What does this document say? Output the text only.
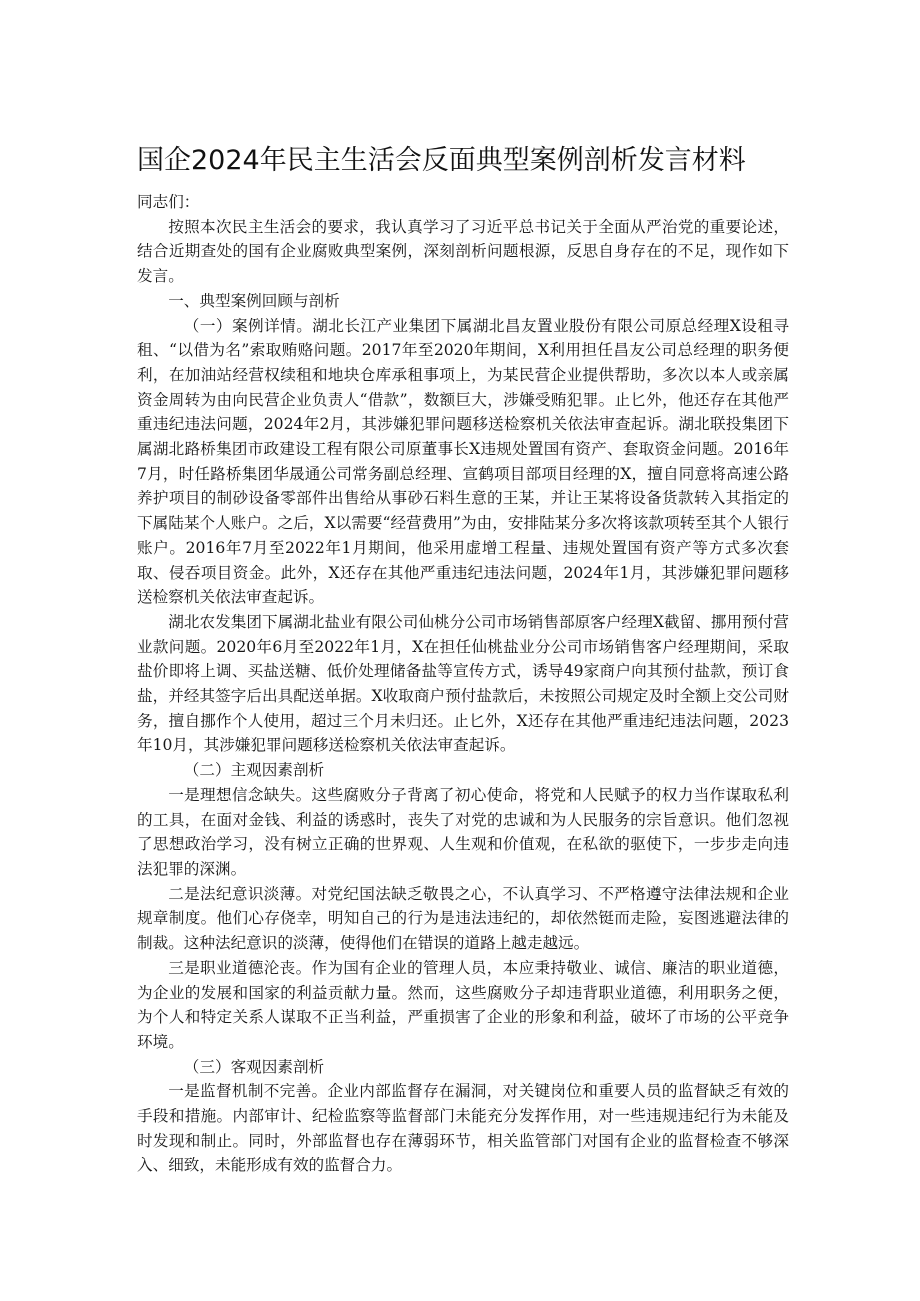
国企2024年民主生活会反面典型案例剖析发言材料

同志们：

按照本次民主生活会的要求，我认真学习了习近平总书记关于全面从严治党的重要论述，结合近期查处的国有企业腐败典型案例，深刻剖析问题根源，反思自身存在的不足，现作如下发言。

一、典型案例回顾与剖析

（一）案例详情。湖北长江产业集团下属湖北昌友置业股份有限公司原总经理X设租寻租、“以借为名”索取贿赂问题。2017年至2020年期间，X利用担任昌友公司总经理的职务便利，在加油站经营权续租和地块仓库承租事项上，为某民营企业提供帮助，多次以本人或亲属资金周转为由向民营企业负责人“借款”，数额巨大，涉嫌受贿犯罪。止匕外，他还存在其他严重违纪违法问题，2024年2月，其涉嫌犯罪问题移送检察机关依法审查起诉。湖北联投集团下属湖北路桥集团市政建设工程有限公司原董事长X违规处置国有资产、套取资金问题。2016年7月，时任路桥集团华晟通公司常务副总经理、宣鹤项目部项目经理的X，擅自同意将高速公路养护项目的制砂设备零部件出售给从事砂石料生意的王某，并让王某将设备货款转入其指定的下属陆某个人账户。之后，X以需要“经营费用”为由，安排陆某分多次将该款项转至其个人银行账户。2016年7月至2022年1月期间，他采用虚增工程量、违规处置国有资产等方式多次套取、侵吞项目资金。此外，X还存在其他严重违纪违法问题，2024年1月，其涉嫌犯罪问题移送检察机关依法审查起诉。

湖北农发集团下属湖北盐业有限公司仙桃分公司市场销售部原客户经理X截留、挪用预付营业款问题。2020年6月至2022年1月，X在担任仙桃盐业分公司市场销售客户经理期间，采取盐价即将上调、买盐送糖、低价处理储备盐等宣传方式，诱导49家商户向其预付盐款，预订食盐，并经其签字后出具配送单据。X收取商户预付盐款后，未按照公司规定及时全额上交公司财务，擅自挪作个人使用，超过三个月未归还。止匕外，X还存在其他严重违纪违法问题，2023年10月，其涉嫌犯罪问题移送检察机关依法审查起诉。

（二）主观因素剖析

一是理想信念缺失。这些腐败分子背离了初心使命，将党和人民赋予的权力当作谋取私利的工具，在面对金钱、利益的诱惑时，丧失了对党的忠诚和为人民服务的宗旨意识。他们忽视了思想政治学习，没有树立正确的世界观、人生观和价值观，在私欲的驱使下，一步步走向违法犯罪的深渊。

二是法纪意识淡薄。对党纪国法缺乏敬畏之心，不认真学习、不严格遵守法律法规和企业规章制度。他们心存侥幸，明知自己的行为是违法违纪的，却依然铤而走险，妄图逃避法律的制裁。这种法纪意识的淡薄，使得他们在错误的道路上越走越远。

三是职业道德沦丧。作为国有企业的管理人员，本应秉持敬业、诚信、廉洁的职业道德，为企业的发展和国家的利益贡献力量。然而，这些腐败分子却违背职业道德，利用职务之便，为个人和特定关系人谋取不正当利益，严重损害了企业的形象和利益，破坏了市场的公平竞争环境。

（三）客观因素剖析

一是监督机制不完善。企业内部监督存在漏洞，对关键岗位和重要人员的监督缺乏有效的手段和措施。内部审计、纪检监察等监督部门未能充分发挥作用，对一些违规违纪行为未能及时发现和制止。同时，外部监督也存在薄弱环节，相关监管部门对国有企业的监督检查不够深入、细致，未能形成有效的监督合力。
